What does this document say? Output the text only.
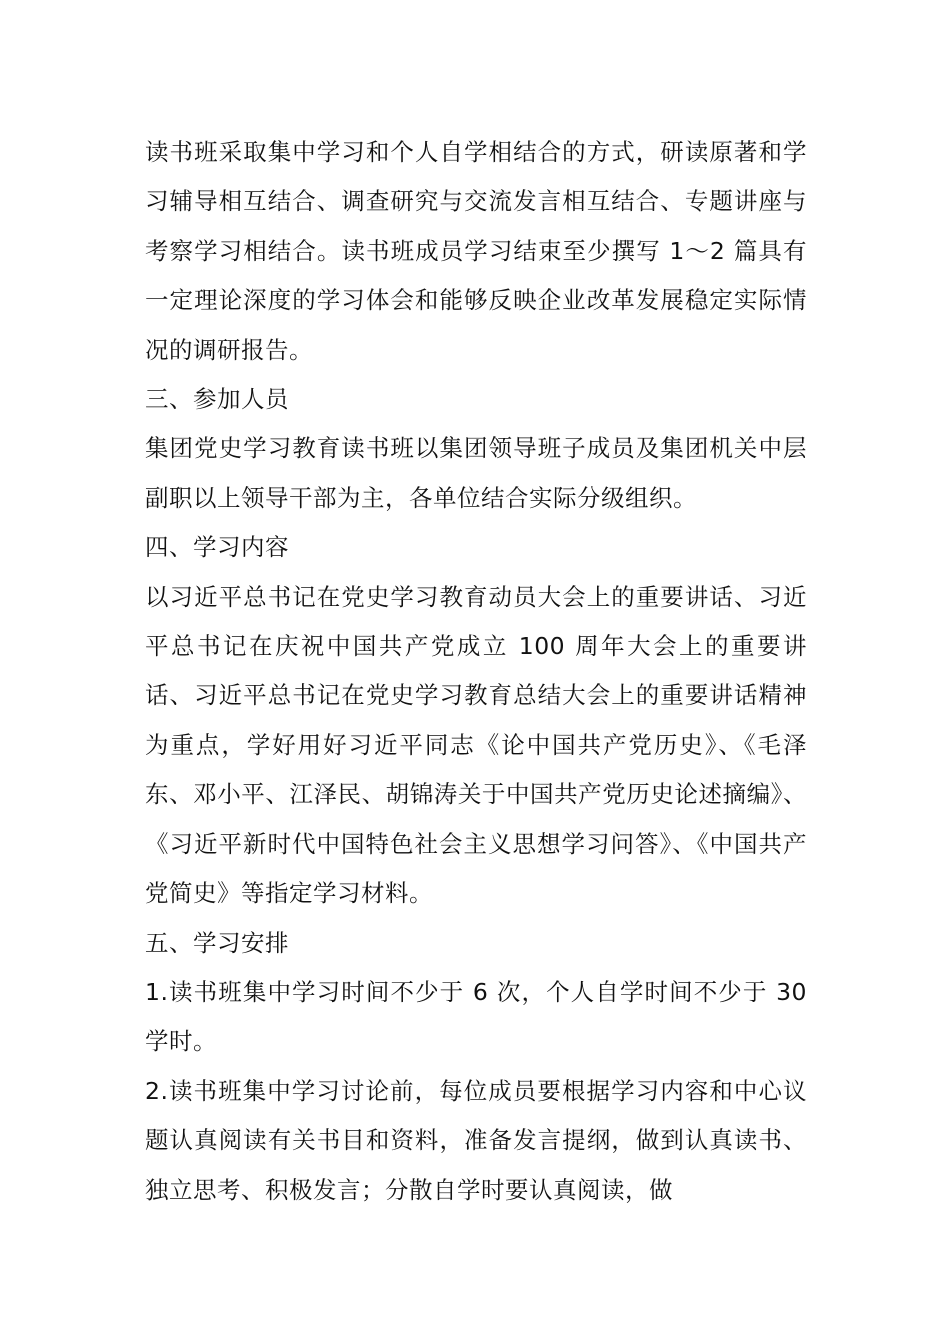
读书班采取集中学习和个人自学相结合的方式，研读原著和学习辅导相互结合、调查研究与交流发言相互结合、专题讲座与考察学习相结合。读书班成员学习结束至少撰写 1～2 篇具有一定理论深度的学习体会和能够反映企业改革发展稳定实际情况的调研报告。

三、参加人员

集团党史学习教育读书班以集团领导班子成员及集团机关中层副职以上领导干部为主，各单位结合实际分级组织。

四、学习内容

以习近平总书记在党史学习教育动员大会上的重要讲话、习近平总书记在庆祝中国共产党成立 100 周年大会上的重要讲话、习近平总书记在党史学习教育总结大会上的重要讲话精神为重点，学好用好习近平同志《论中国共产党历史》、《毛泽东、邓小平、江泽民、胡锦涛关于中国共产党历史论述摘编》、《习近平新时代中国特色社会主义思想学习问答》、《中国共产党简史》等指定学习材料。

五、学习安排

1.读书班集中学习时间不少于 6 次，个人自学时间不少于 30 学时。

2.读书班集中学习讨论前，每位成员要根据学习内容和中心议题认真阅读有关书目和资料，准备发言提纲，做到认真读书、独立思考、积极发言；分散自学时要认真阅读，做
